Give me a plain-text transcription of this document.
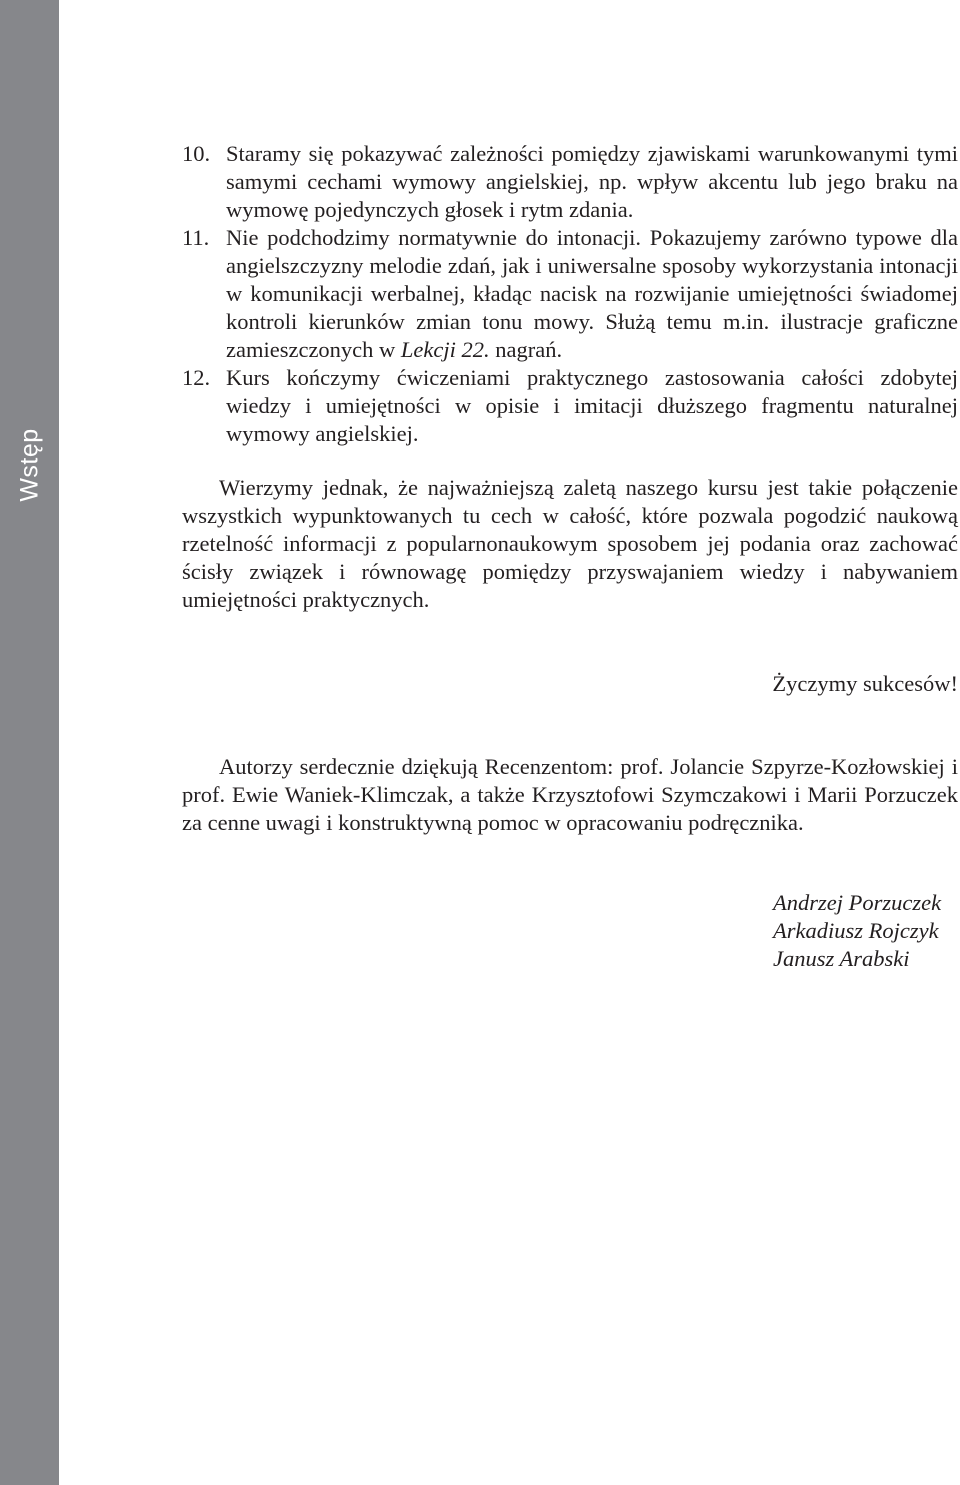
Wstęp
10. Staramy się pokazywać zależności pomiędzy zjawiskami warunkowanymi tymi samymi cechami wymowy angielskiej, np. wpływ akcentu lub jego braku na wymowę pojedynczych głosek i rytm zdania.
11. Nie podchodzimy normatywnie do intonacji. Pokazujemy zarówno typowe dla angielszczyzny melodie zdań, jak i uniwersalne sposoby wykorzystania intonacji w komunikacji werbalnej, kładąc nacisk na rozwijanie umiejętności świadomej kontroli kierunków zmian tonu mowy. Służą temu m.in. ilustracje graficzne zamieszczonych w Lekcji 22. nagrań.
12. Kurs kończymy ćwiczeniami praktycznego zastosowania całości zdobytej wiedzy i umiejętności w opisie i imitacji dłuższego fragmentu naturalnej wymowy angielskiej.
Wierzymy jednak, że najważniejszą zaletą naszego kursu jest takie połączenie wszystkich wypunktowanych tu cech w całość, które pozwala pogodzić naukową rzetelność informacji z popularnonaukowym sposobem jej podania oraz zachować ścisły związek i równowagę pomiędzy przyswajaniem wiedzy i nabywaniem umiejętności praktycznych.
Życzymy sukcesów!
Autorzy serdecznie dziękują Recenzentom: prof. Jolancie Szpyrze-Kozłowskiej i prof. Ewie Waniek-Klimczak, a także Krzysztofowi Szymczakowi i Marii Porzuczek za cenne uwagi i konstruktywną pomoc w opracowaniu podręcznika.
Andrzej Porzuczek
Arkadiusz Rojczyk
Janusz Arabski
